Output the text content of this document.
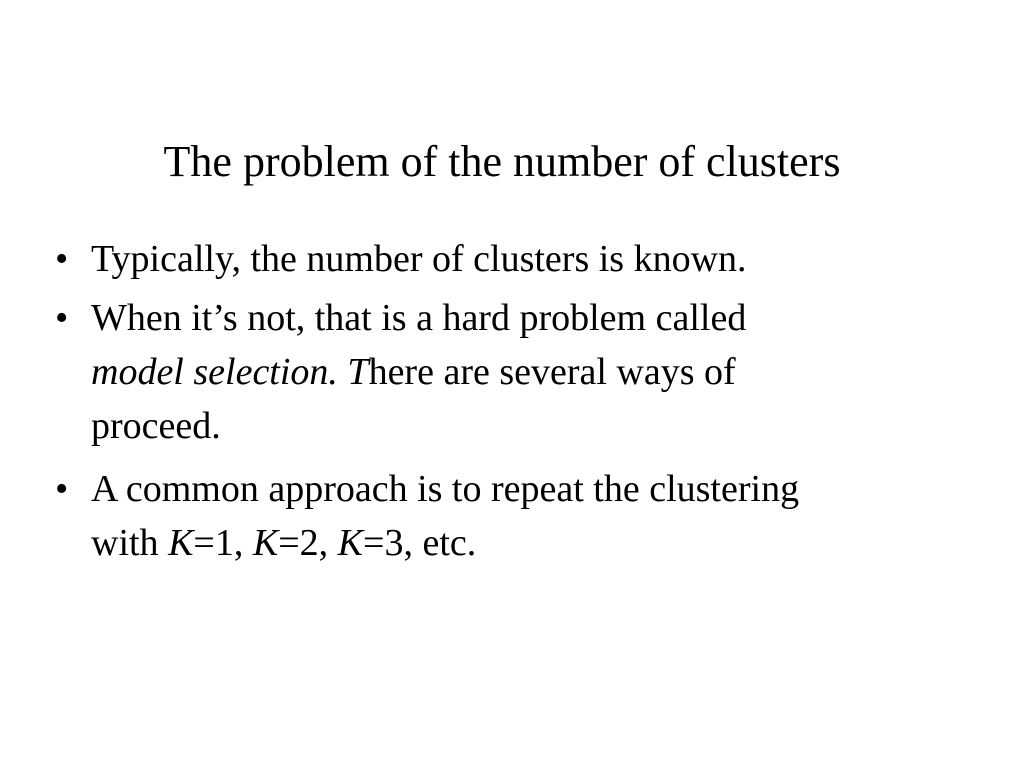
The problem of the number of clusters
• Typically, the number of clusters is known.
• When it’s not, that is a hard problem called
model selection. There are several ways of
proceed.
• A common approach is to repeat the clustering
with K=1, K=2, K=3, etc.
